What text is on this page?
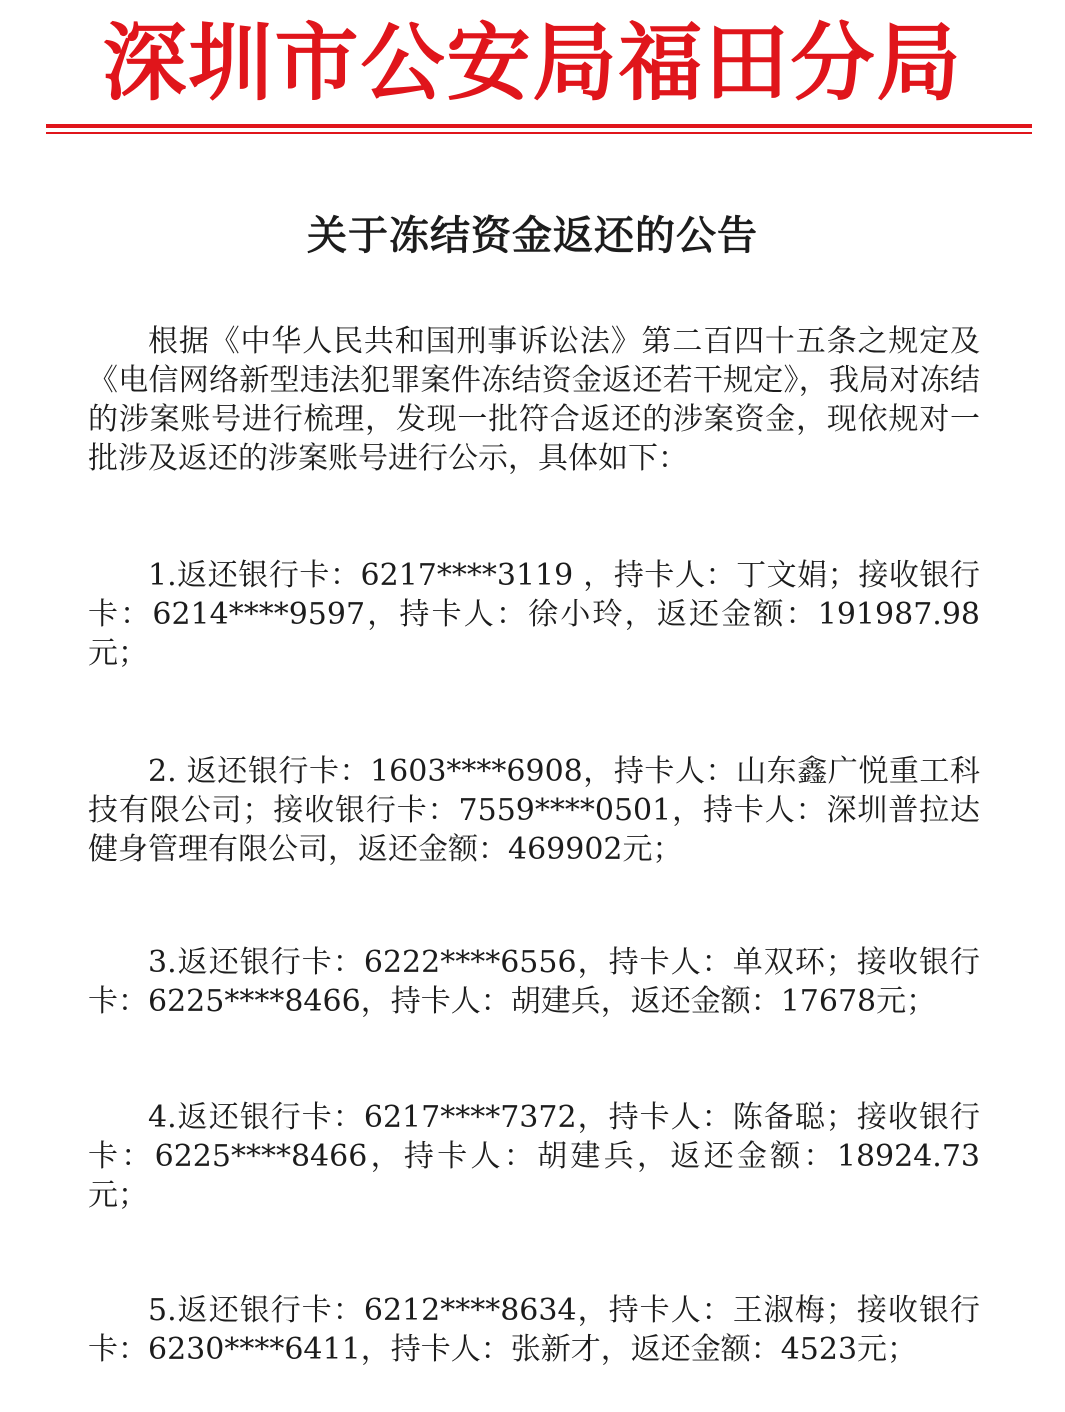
深圳市公安局福田分局
关于冻结资金返还的公告

根据《中华人民共和国刑事诉讼法》第二百四十五条之规定及《电信网络新型违法犯罪案件冻结资金返还若干规定》，我局对冻结的涉案账号进行梳理，发现一批符合返还的涉案资金，现依规对一批涉及返还的涉案账号进行公示，具体如下：

1.返还银行卡：6217****3119 ，持卡人：丁文娟；接收银行卡：6214****9597，持卡人：徐小玲，返还金额：191987.98元；

2. 返还银行卡：1603****6908，持卡人：山东鑫广悦重工科技有限公司；接收银行卡：7559****0501，持卡人：深圳普拉达健身管理有限公司，返还金额：469902元；

3.返还银行卡：6222****6556，持卡人：单双环；接收银行卡：6225****8466，持卡人：胡建兵，返还金额：17678元；

4.返还银行卡：6217****7372，持卡人：陈备聪；接收银行卡：6225****8466，持卡人：胡建兵，返还金额：18924.73元；

5.返还银行卡：6212****8634，持卡人：王淑梅；接收银行卡：6230****6411，持卡人：张新才，返还金额：4523元；
